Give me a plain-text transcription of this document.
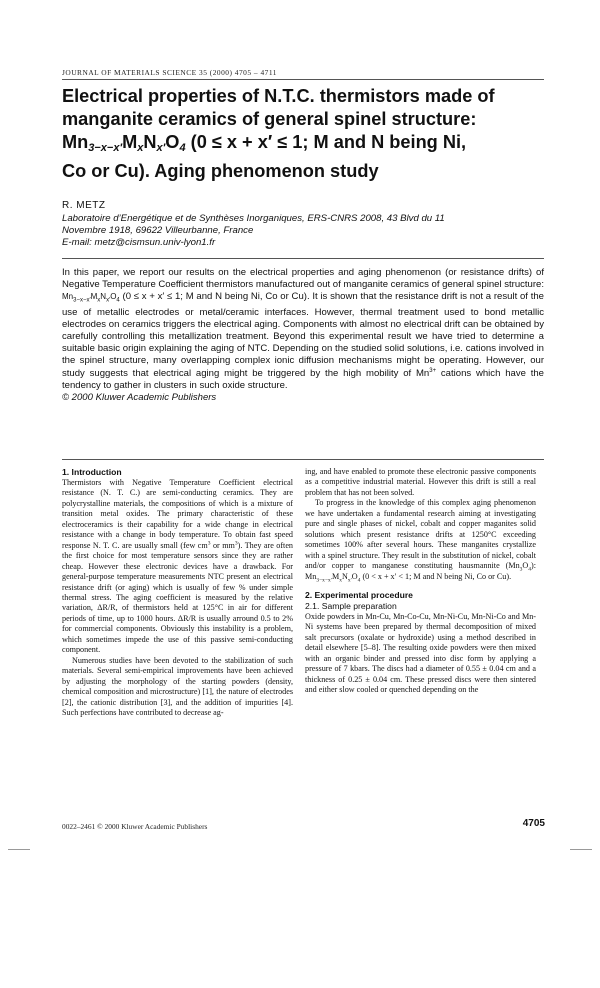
JOURNAL OF MATERIALS SCIENCE 35 (2000) 4705 – 4711
Electrical properties of N.T.C. thermistors made of
manganite ceramics of general spinel structure:
$Mn_{3-x-x'}M_xN_{x'}O_4$ (0 ≤ x + x′ ≤ 1; M and N being Ni,
Co or Cu). Aging phenomenon study
R. METZ
Laboratoire d’Energétique et de Synthèses Inorganiques, ERS-CNRS 2008, 43 Blvd du 11
Novembre 1918, 69622 Villeurbanne, France
E-mail: metz@cismsun.univ-lyon1.fr
In this paper, we report our results on the electrical properties and aging phenomenon (or resistance drifts) of Negative Temperature Coefficient thermistors manufactured out of manganite ceramics of general spinel structure: $Mn_{3-x-x'}M_xN_{x'}O_4$ (0 ≤ x + x′ ≤ 1; M and N being Ni, Co or Cu). It is shown that the resistance drift is not a result of the use of metallic electrodes or metal/ceramic interfaces. However, thermal treatment used to bond metallic electrodes on ceramics triggers the electrical aging. Components with almost no electrical drift can be obtained by carefully controlling this metallization treatment. Beyond this experimental result we have tried to determine a suitable basic origin explaining the aging of NTC. Depending on the studied solid solutions, i.e. cations involved in the spinel structure, many overlapping complex ionic diffusion mechanisms might be operating. However, our study suggests that electrical aging might be triggered by the high mobility of $Mn^{3+}$ cations which have the tendency to gather in clusters in such oxide structure.
© 2000 Kluwer Academic Publishers
1. Introduction

Thermistors with Negative Temperature Coefficient electrical resistance (N. T. C.) are semi-conducting ceramics. They are polycrystalline materials, the compositions of which is a mixture of transition metal oxides. The primary characteristic of these electroceramics is their capability for a wide change in electrical resistance with a change in body temperature. To obtain fast speed response N. T. C. are usually small (few $cm^3$ or $mm^3$). They are often the first choice for most temperature sensors since they are rather cheap. However these electronic devices have a drawback. For general-purpose temperature measurements NTC present an electrical resistance drift (or aging) which is usually of few % under simple thermal stress. The aging coefficient is measured by the relative variation, ΔR/R, of thermistors held at 125°C in air for different periods of time, up to 1000 hours. ΔR/R is usually arround 0.5 to 2% for commercial components. Obviously this instability is a problem, which sometimes impede the use of this passive semi-conducting component.

Numerous studies have been devoted to the stabilization of such materials. Several semi-empirical improvements have been achieved by adjusting the morphology of the starting powders (density, chemical composition and microstructure) [1], the nature of electrodes [2], the cationic distribution [3], and the addition of impurities [4]. Such perfections have contributed to decrease ag-

ing, and have enabled to promote these electronic passive components as a competitive industrial material. However this drift is still a real problem that has not been solved.

To progress in the knowledge of this complex aging phenomenon we have undertaken a fundamental research aiming at investigating pure and single phases of nickel, cobalt and copper maganites solid solutions which present resistance drifts at 1250°C exceeding sometimes 100% after several hours. These manganites crystallize with a spinel structure. They result in the substitution of nickel, cobalt and/or copper to manganese constituting hausmannite $(Mn_3O_4)$: $Mn_{3-x-x'}M_xN_{x'}O_4$ (0 < x + x′ < 1; M and N being Ni, Co or Cu).

2. Experimental procedure
2.1. Sample preparation

Oxide powders in Mn-Cu, Mn-Co-Cu, Mn-Ni-Cu, Mn-Ni-Co and Mn-Ni systems have been prepared by thermal decomposition of mixed salt precursors (oxalate or hydroxide) using a method described in detail elsewhere [5–8]. The resulting oxide powders were then mixed with an organic binder and pressed into disc form by applying a pressure of 7 kbars. The discs had a diameter of 0.55 ± 0.04 cm and a thickness of 0.25 ± 0.04 cm. These pressed discs were then sintered and either slow cooled or quenched depending on the

0022–2461 © 2000 Kluwer Academic Publishers	4705
